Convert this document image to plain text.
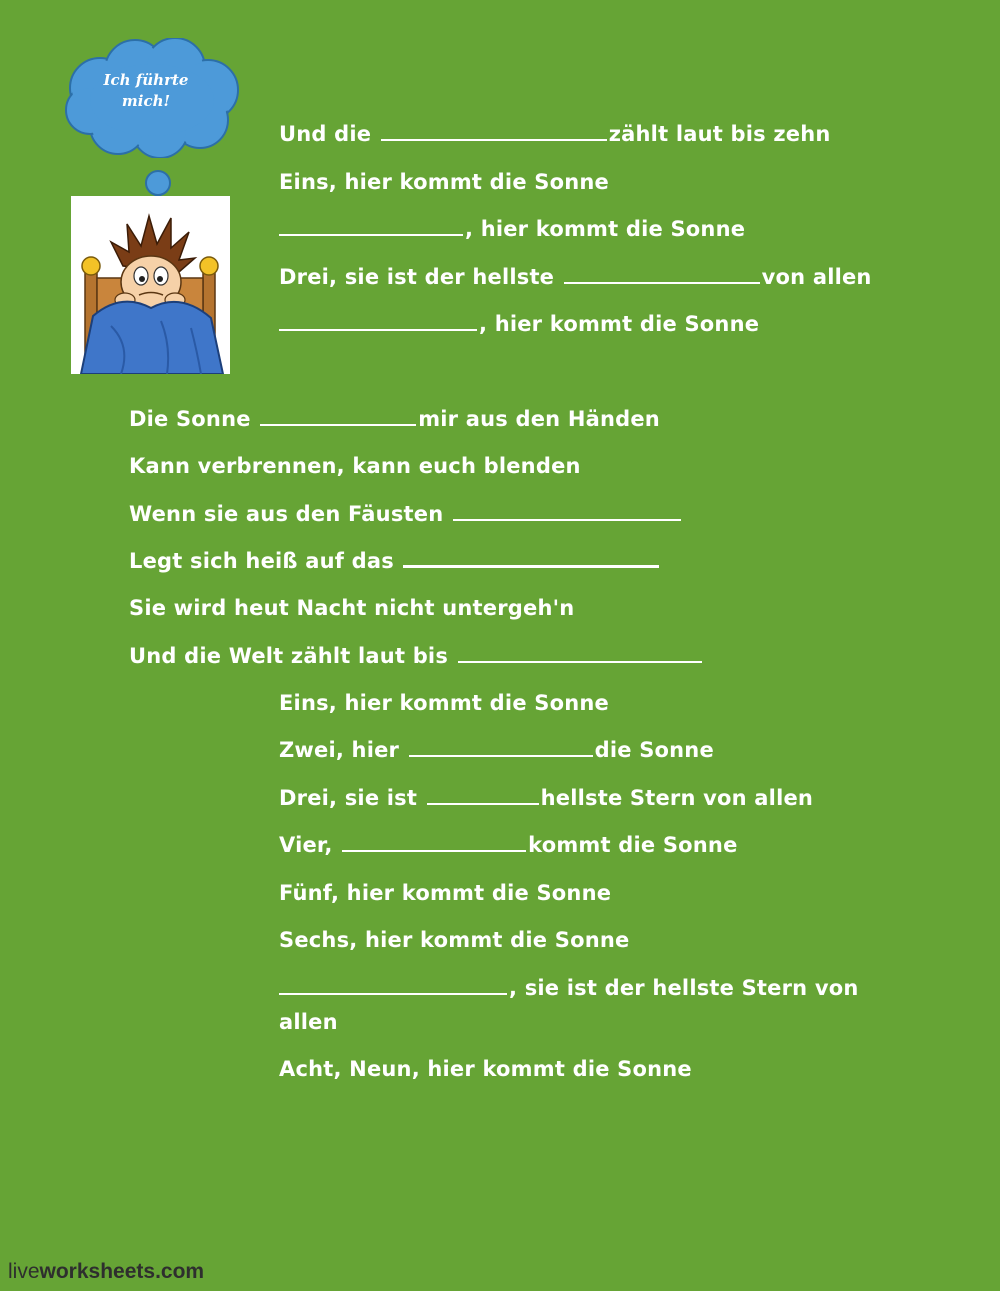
Ich führte
mich!
Und die	zählt laut bis zehn
Eins, hier kommt die Sonne
, hier kommt die Sonne
Drei, sie ist der hellste	von allen
, hier kommt die Sonne
Die Sonne	mir aus den Händen
Kann verbrennen, kann euch blenden
Wenn sie aus den Fäusten
Legt sich heiß auf das
Sie wird heut Nacht nicht untergeh'n
Und die Welt zählt laut bis
Eins, hier kommt die Sonne
Zwei, hier	die Sonne
Drei, sie ist	hellste Stern von allen
Vier,	kommt die Sonne
Fünf, hier kommt die Sonne
Sechs, hier kommt die Sonne
, sie ist der hellste Stern von
allen
Acht, Neun, hier kommt die Sonne
liveworksheets.com
